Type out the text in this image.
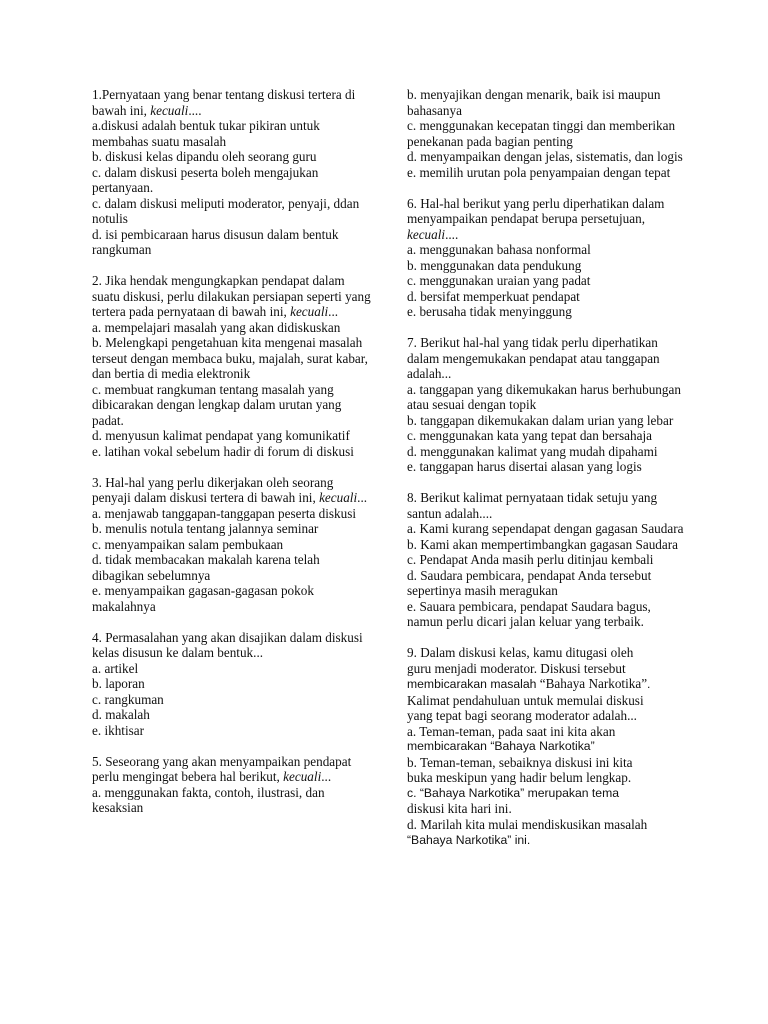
1.Pernyataan yang benar tentang diskusi tertera di bawah ini, kecuali....
a.diskusi adalah bentuk tukar pikiran untuk membahas suatu masalah
b. diskusi kelas dipandu oleh seorang guru
c. dalam diskusi peserta boleh mengajukan pertanyaan.
c. dalam diskusi meliputi moderator, penyaji, ddan notulis
d. isi pembicaraan harus disusun dalam bentuk rangkuman
2. Jika hendak mengungkapkan pendapat dalam suatu diskusi, perlu dilakukan persiapan seperti yang tertera pada pernyataan di bawah ini, kecuali...
a. mempelajari masalah yang akan didiskuskan
b. Melengkapi pengetahuan kita mengenai masalah terseut dengan membaca buku, majalah, surat kabar, dan bertia di media elektronik
c. membuat rangkuman tentang masalah yang dibicarakan dengan lengkap dalam urutan yang padat.
d. menyusun kalimat pendapat yang komunikatif
e. latihan vokal sebelum hadir di forum di diskusi
3. Hal-hal yang perlu dikerjakan oleh seorang penyaji dalam diskusi tertera di bawah ini, kecuali...
a. menjawab tanggapan-tanggapan peserta diskusi
b. menulis notula tentang jalannya seminar
c. menyampaikan salam pembukaan
d. tidak membacakan makalah karena telah dibagikan sebelumnya
e. menyampaikan gagasan-gagasan pokok makalahnya
4. Permasalahan yang akan disajikan dalam diskusi kelas disusun ke dalam bentuk...
a. artikel
b. laporan
c. rangkuman
d. makalah
e. ikhtisar
5. Seseorang yang akan menyampaikan pendapat perlu mengingat bebera hal berikut, kecuali...
a. menggunakan fakta, contoh, ilustrasi, dan kesaksian
b. menyajikan dengan menarik, baik isi maupun bahasanya
c. menggunakan kecepatan tinggi dan memberikan penekanan pada bagian penting
d. menyampaikan dengan jelas, sistematis, dan logis
e. memilih urutan pola penyampaian dengan tepat
6. Hal-hal berikut yang perlu diperhatikan dalam menyampaikan pendapat berupa persetujuan, kecuali....
a. menggunakan bahasa nonformal
b. menggunakan data pendukung
c. menggunakan uraian yang padat
d. bersifat memperkuat pendapat
e. berusaha tidak menyinggung
7. Berikut hal-hal yang tidak perlu diperhatikan dalam mengemukakan pendapat atau tanggapan adalah...
a. tanggapan yang dikemukakan harus berhubungan atau sesuai dengan topik
b. tanggapan dikemukakan dalam urian yang lebar
c. menggunakan kata yang tepat dan bersahaja
d. menggunakan kalimat yang mudah dipahami
e. tanggapan harus disertai alasan yang logis
8. Berikut kalimat pernyataan tidak setuju yang santun adalah....
a. Kami kurang sependapat dengan gagasan Saudara
b. Kami akan mempertimbangkan gagasan Saudara
c. Pendapat Anda masih perlu ditinjau kembali
d. Saudara pembicara, pendapat Anda tersebut sepertinya masih meragukan
e. Sauara pembicara, pendapat Saudara bagus, namun perlu dicari jalan keluar yang terbaik.
9. Dalam diskusi kelas, kamu ditugasi oleh
guru menjadi moderator. Diskusi tersebut
membicarakan masalah “Bahaya Narkotika”.
Kalimat pendahuluan untuk memulai diskusi
yang tepat bagi seorang moderator adalah...
a. Teman-teman, pada saat ini kita akan
membicarakan “Bahaya Narkotika”
b. Teman-teman, sebaiknya diskusi ini kita
buka meskipun yang hadir belum lengkap.
c. “Bahaya Narkotika” merupakan tema
diskusi kita hari ini.
d. Marilah kita mulai mendiskusikan masalah
“Bahaya Narkotika” ini.
